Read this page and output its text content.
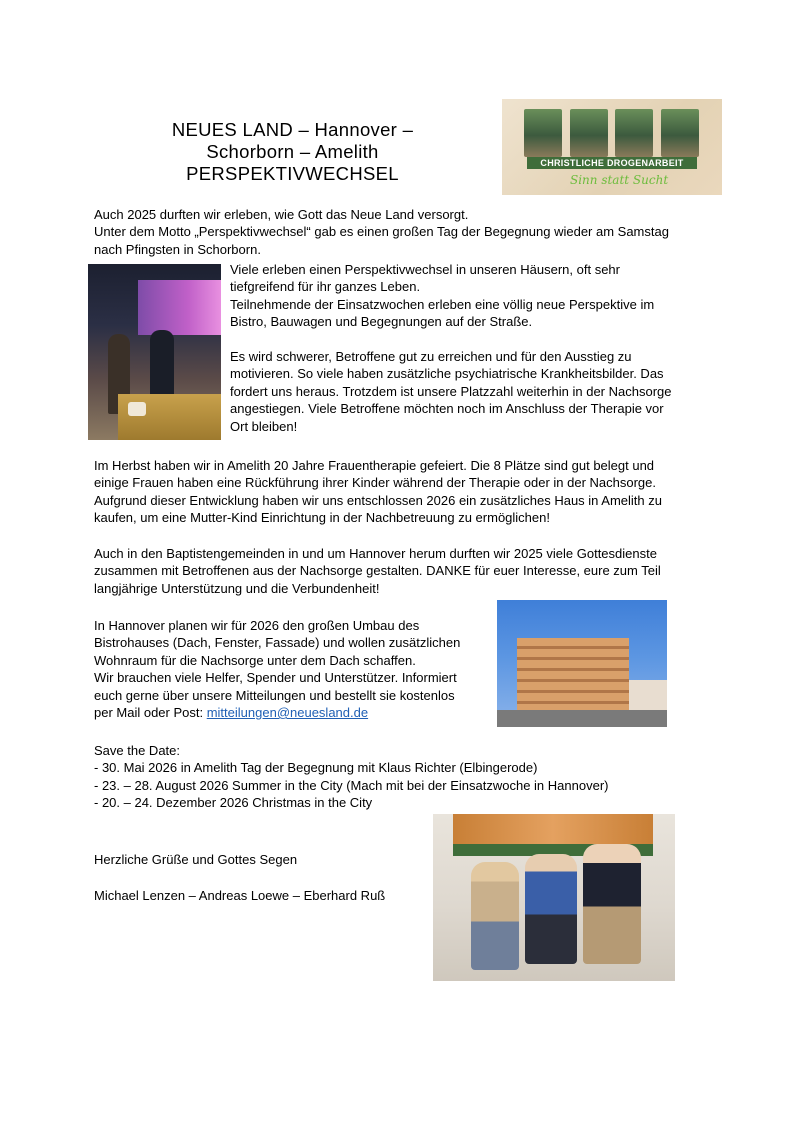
NEUES LAND – Hannover –
Schorborn – Amelith
PERSPEKTIVWECHSEL	CHRISTLICHE DROGENARBEIT
Sinn statt Sucht
Auch 2025 durften wir erleben, wie Gott das Neue Land versorgt.
Unter dem Motto „Perspektivwechsel“ gab es einen großen Tag der Begegnung wieder am Samstag
nach Pfingsten in Schorborn.
Viele erleben einen Perspektivwechsel in unseren Häusern, oft sehr
tiefgreifend für ihr ganzes Leben.
Teilnehmende der Einsatzwochen erleben eine völlig neue Perspektive im
Bistro, Bauwagen und Begegnungen auf der Straße.
Es wird schwerer, Betroffene gut zu erreichen und für den Ausstieg zu
motivieren. So viele haben zusätzliche psychiatrische Krankheitsbilder. Das
fordert uns heraus. Trotzdem ist unsere Platzzahl weiterhin in der Nachsorge
angestiegen. Viele Betroffene möchten noch im Anschluss der Therapie vor
Ort bleiben!
Im Herbst haben wir in Amelith 20 Jahre Frauentherapie gefeiert. Die 8 Plätze sind gut belegt und
einige Frauen haben eine Rückführung ihrer Kinder während der Therapie oder in der Nachsorge.
Aufgrund dieser Entwicklung haben wir uns entschlossen 2026 ein zusätzliches Haus in Amelith zu
kaufen, um eine Mutter-Kind Einrichtung in der Nachbetreuung zu ermöglichen!
Auch in den Baptistengemeinden in und um Hannover herum durften wir 2025 viele Gottesdienste
zusammen mit Betroffenen aus der Nachsorge gestalten. DANKE für euer Interesse, eure zum Teil
langjährige Unterstützung und die Verbundenheit!
In Hannover planen wir für 2026 den großen Umbau des
Bistrohauses (Dach, Fenster, Fassade) und wollen zusätzlichen
Wohnraum für die Nachsorge unter dem Dach schaffen.
Wir brauchen viele Helfer, Spender und Unterstützer. Informiert
euch gerne über unsere Mitteilungen und bestellt sie kostenlos
per Mail oder Post: mitteilungen@neuesland.de
Save the Date:
- 30. Mai 2026 in Amelith Tag der Begegnung mit Klaus Richter (Elbingerode)
- 23. – 28. August 2026 Summer in the City (Mach mit bei der Einsatzwoche in Hannover)
- 20. – 24. Dezember 2026 Christmas in the City
Herzliche Grüße und Gottes Segen
Michael Lenzen – Andreas Loewe – Eberhard Ruß
